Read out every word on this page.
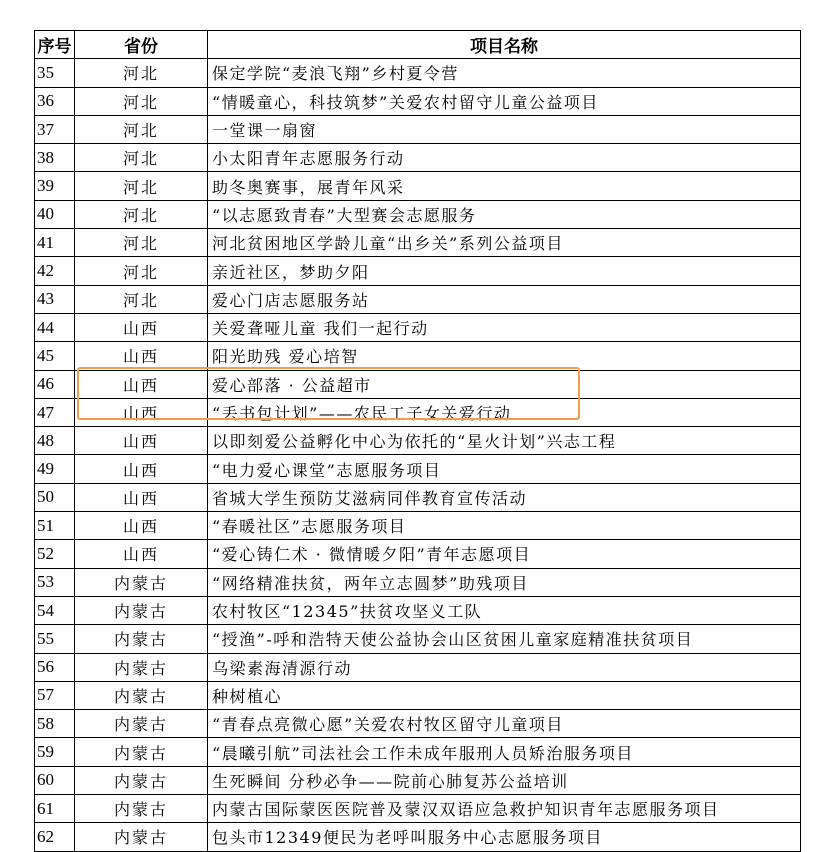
序号	省份	项目名称
35	河北	保定学院“麦浪飞翔”乡村夏令营
36	河北	“情暖童心，科技筑梦”关爱农村留守儿童公益项目
37	河北	一堂课一扇窗
38	河北	小太阳青年志愿服务行动
39	河北	助冬奥赛事，展青年风采
40	河北	“以志愿致青春”大型赛会志愿服务
41	河北	河北贫困地区学龄儿童“出乡关”系列公益项目
42	河北	亲近社区，梦助夕阳
43	河北	爱心门店志愿服务站
44	山西	关爱聋哑儿童 我们一起行动
45	山西	阳光助残 爱心培智
46	山西	爱心部落 · 公益超市
47	山西	“丢书包计划”——农民工子女关爱行动
48	山西	以即刻爱公益孵化中心为依托的“星火计划”兴志工程
49	山西	“电力爱心课堂”志愿服务项目
50	山西	省城大学生预防艾滋病同伴教育宣传活动
51	山西	“春暖社区”志愿服务项目
52	山西	“爱心铸仁术 · 微情暖夕阳”青年志愿项目
53	内蒙古	“网络精准扶贫，两年立志圆梦”助残项目
54	内蒙古	农村牧区“12345”扶贫攻坚义工队
55	内蒙古	“授渔”-呼和浩特天使公益协会山区贫困儿童家庭精准扶贫项目
56	内蒙古	乌梁素海清源行动
57	内蒙古	种树植心
58	内蒙古	“青春点亮微心愿”关爱农村牧区留守儿童项目
59	内蒙古	“晨曦引航”司法社会工作未成年服刑人员矫治服务项目
60	内蒙古	生死瞬间 分秒必争——院前心肺复苏公益培训
61	内蒙古	内蒙古国际蒙医医院普及蒙汉双语应急救护知识青年志愿服务项目
62	内蒙古	包头市12349便民为老呼叫服务中心志愿服务项目
